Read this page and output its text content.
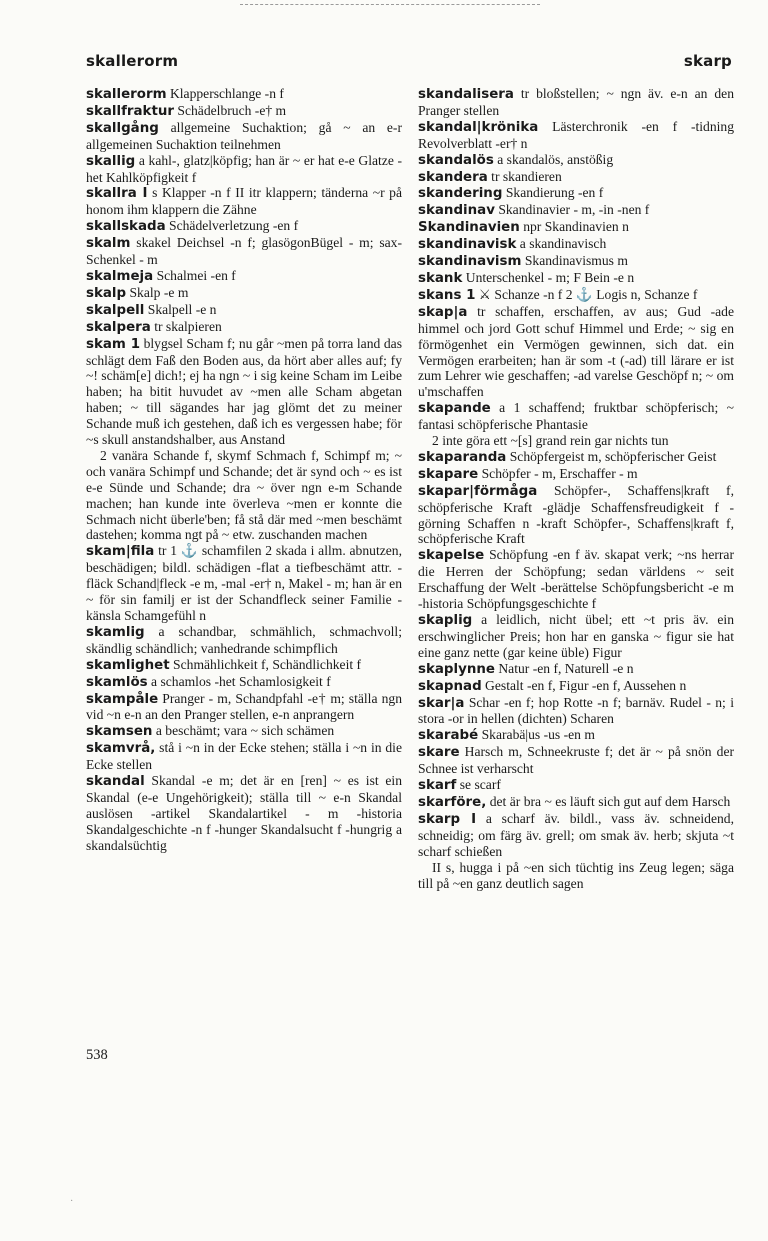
skallerorm	skarp

skallerorm Klapperschlange -n f

skallfraktur Schädelbruch -e† m

skallgång allgemeine Suchaktion; gå ~ an e-r allgemeinen Suchaktion teilnehmen

skallig a kahl-, glatz|köpfig; han är ~ er hat e-e Glatze -het Kahlköpfigkeit f

skallra I s Klapper -n f II itr klappern; tänderna ~r på honom ihm klappern die Zähne

skallskada Schädelverletzung -en f

skalm skakel Deichsel -n f; glasögonBügel - m; sax- Schenkel - m

skalmeja Schalmei -en f

skalp Skalp -e m

skalpell Skalpell -e n

skalpera tr skalpieren

skam 1 blygsel Scham f; nu går ~men på torra land das schlägt dem Faß den Boden aus, da hört aber alles auf; fy ~! schäm[e] dich!; ej ha ngn ~ i sig keine Scham im Leibe haben; ha bitit huvudet av ~men alle Scham abgetan haben; ~ till sägandes har jag glömt det zu meiner Schande muß ich gestehen, daß ich es vergessen habe; för ~s skull anstandshalber, aus Anstand

2 vanära Schande f, skymf Schmach f, Schimpf m; ~ och vanära Schimpf und Schande; det är synd och ~ es ist e-e Sünde und Schande; dra ~ över ngn e-m Schande machen; han kunde inte överleva ~men er konnte die Schmach nicht überle'ben; få stå där med ~men beschämt dastehen; komma ngt på ~ etw. zuschanden machen

skam|fila tr 1 ⚓ schamfilen 2 skada i allm. abnutzen, beschädigen; bildl. schädigen -flat a tiefbeschämt attr. -fläck Schand|fleck -e m, -mal -er† n, Makel - m; han är en ~ för sin familj er ist der Schandfleck seiner Familie -känsla Schamgefühl n

skamlig a schandbar, schmählich, schmachvoll; skändlig schändlich; vanhedrande schimpflich

skamlighet Schmählichkeit f, Schändlichkeit f

skamlös a schamlos -het Schamlosigkeit f

skampåle Pranger - m, Schandpfahl -e† m; ställa ngn vid ~n e-n an den Pranger stellen, e-n anprangern

skamsen a beschämt; vara ~ sich schämen

skamvrå, stå i ~n in der Ecke stehen; ställa i ~n in die Ecke stellen

skandal Skandal -e m; det är en [ren] ~ es ist ein Skandal (e-e Ungehörigkeit); ställa till ~ e-n Skandal auslösen -artikel Skandalartikel - m -historia Skandalgeschichte -n f -hunger Skandalsucht f -hungrig a skandalsüchtig

skandalisera tr bloßstellen; ~ ngn äv. e-n an den Pranger stellen

skandal|krönika Lästerchronik -en f -tidning Revolverblatt -er† n

skandalös a skandalös, anstößig

skandera tr skandieren

skandering Skandierung -en f

skandinav Skandinavier - m, -in -nen f

Skandinavien npr Skandinavien n

skandinavisk a skandinavisch

skandinavism Skandinavismus m

skank Unterschenkel - m; F Bein -e n

skans 1 ⚔ Schanze -n f 2 ⚓ Logis n, Schanze f

skap|a tr schaffen, erschaffen, av aus; Gud -ade himmel och jord Gott schuf Himmel und Erde; ~ sig en förmögenhet ein Vermögen gewinnen, sich dat. ein Vermögen erarbeiten; han är som -t (-ad) till lärare er ist zum Lehrer wie geschaffen; -ad varelse Geschöpf n; ~ om u'mschaffen

skapande a 1 schaffend; fruktbar schöpferisch; ~ fantasi schöpferische Phantasie

2 inte göra ett ~[s] grand rein gar nichts tun

skaparanda Schöpfergeist m, schöpferischer Geist

skapare Schöpfer - m, Erschaffer - m

skapar|förmåga Schöpfer-, Schaffens|kraft f, schöpferische Kraft -glädje Schaffensfreudigkeit f -görning Schaffen n -kraft Schöpfer-, Schaffens|kraft f, schöpferische Kraft

skapelse Schöpfung -en f äv. skapat verk; ~ns herrar die Herren der Schöpfung; sedan världens ~ seit Erschaffung der Welt -berättelse Schöpfungsbericht -e m -historia Schöpfungsgeschichte f

skaplig a leidlich, nicht übel; ett ~t pris äv. ein erschwinglicher Preis; hon har en ganska ~ figur sie hat eine ganz nette (gar keine üble) Figur

skaplynne Natur -en f, Naturell -e n

skapnad Gestalt -en f, Figur -en f, Aussehen n

skar|a Schar -en f; hop Rotte -n f; barnäv. Rudel - n; i stora -or in hellen (dichten) Scharen

skarabé Skarabä|us -us -en m

skare Harsch m, Schneekruste f; det är ~ på snön der Schnee ist verharscht

skarf se scarf

skarföre, det är bra ~ es läuft sich gut auf dem Harsch

skarp I a scharf äv. bildl., vass äv. schneidend, schneidig; om färg äv. grell; om smak äv. herb; skjuta ~t scharf schießen

II s, hugga i på ~en sich tüchtig ins Zeug legen; säga till på ~en ganz deutlich sagen

538
·
